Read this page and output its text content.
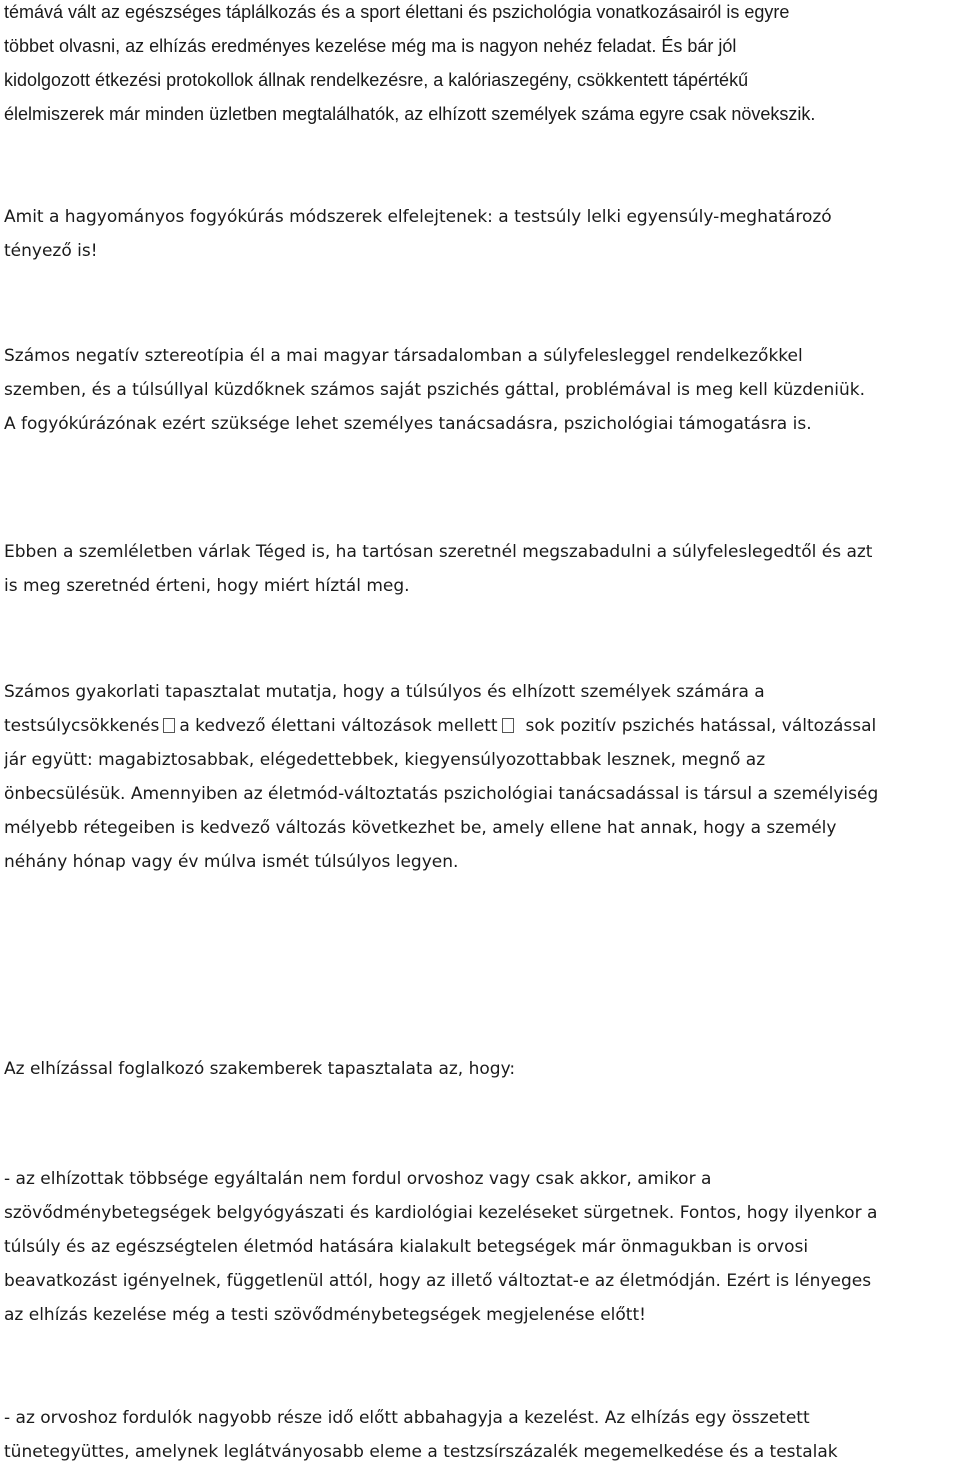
témává vált az egészséges táplálkozás és a sport élettani és pszichológia vonatkozásairól is egyre
többet olvasni, az elhízás eredményes kezelése még ma is nagyon nehéz feladat. És bár jól
kidolgozott étkezési protokollok állnak rendelkezésre, a kalóriaszegény, csökkentett tápértékű
élelmiszerek már minden üzletben megtalálhatók, az elhízott személyek száma egyre csak növekszik.
Amit a hagyományos fogyókúrás módszerek elfelejtenek: a testsúly lelki egyensúly-meghatározó
tényező is!
Számos negatív sztereotípia él a mai magyar társadalomban a súlyfelesleggel rendelkezőkkel
szemben, és a túlsúllyal küzdőknek számos saját pszichés gáttal, problémával is meg kell küzdeniük.
A fogyókúrázónak ezért szüksége lehet személyes tanácsadásra, pszichológiai támogatásra is.
Ebben a szemléletben várlak Téged is, ha tartósan szeretnél megszabadulni a súlyfeleslegedtől és azt
is meg szeretnéd érteni, hogy miért híztál meg.
Számos gyakorlati tapasztalat mutatja, hogy a túlsúlyos és elhízott személyek számára a
testsúlycsökkenés a kedvező élettani változások mellett sok pozitív pszichés hatással, változással
jár együtt: magabiztosabbak, elégedettebbek, kiegyensúlyozottabbak lesznek, megnő az
önbecsülésük. Amennyiben az életmód-változtatás pszichológiai tanácsadással is társul a személyiség
mélyebb rétegeiben is kedvező változás következhet be, amely ellene hat annak, hogy a személy
néhány hónap vagy év múlva ismét túlsúlyos legyen.
Az elhízással foglalkozó szakemberek tapasztalata az, hogy:
- az elhízottak többsége egyáltalán nem fordul orvoshoz vagy csak akkor, amikor a
szövődménybetegségek belgyógyászati és kardiológiai kezeléseket sürgetnek. Fontos, hogy ilyenkor a
túlsúly és az egészségtelen életmód hatására kialakult betegségek már önmagukban is orvosi
beavatkozást igényelnek, függetlenül attól, hogy az illető változtat-e az életmódján. Ezért is lényeges
az elhízás kezelése még a testi szövődménybetegségek megjelenése előtt!
- az orvoshoz fordulók nagyobb része idő előtt abbahagyja a kezelést. Az elhízás egy összetett
tünetegyüttes, amelynek leglátványosabb eleme a testzsírszázalék megemelkedése és a testalak
